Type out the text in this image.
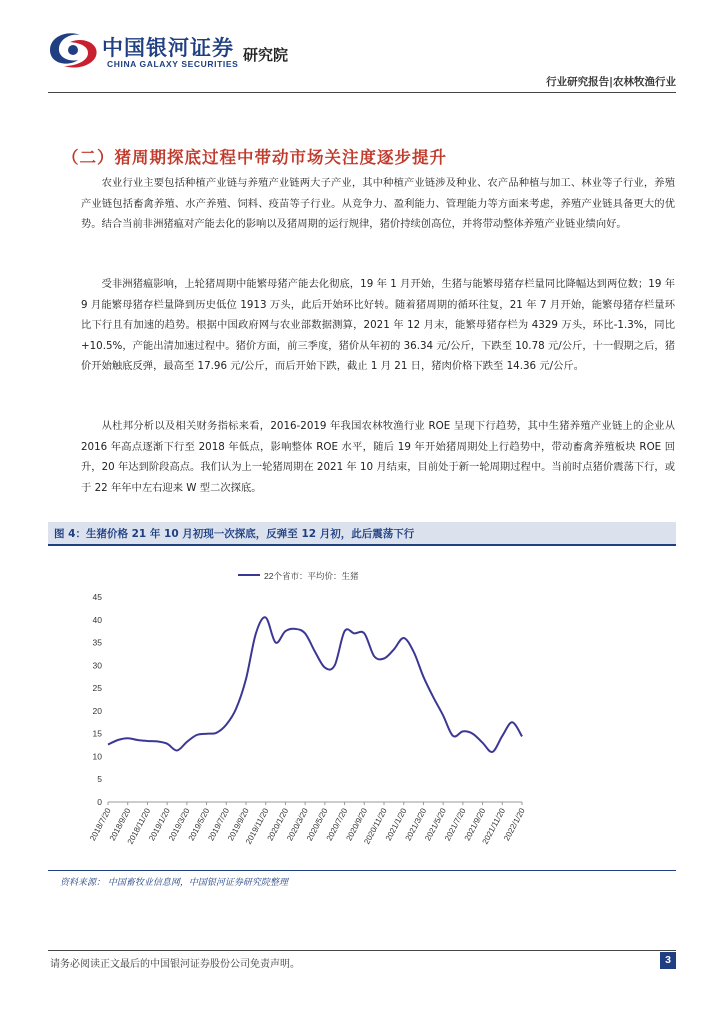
中国银河证券
CHINA GALAXY SECURITIES 研究院
行业研究报告|农林牧渔行业
（二）猪周期探底过程中带动市场关注度逐步提升
农业行业主要包括种植产业链与养殖产业链两大子产业，其中种植产业链涉及种业、农产品种植与加工、林业等子行业，养殖产业链包括畜禽养殖、水产养殖、饲料、疫苗等子行业。从竞争力、盈利能力、管理能力等方面来考虑，养殖产业链具备更大的优势。结合当前非洲猪瘟对产能去化的影响以及猪周期的运行规律，猪价持续创高位，并将带动整体养殖产业链业绩向好。
受非洲猪瘟影响，上轮猪周期中能繁母猪产能去化彻底，19 年 1 月开始，生猪与能繁母猪存栏量同比降幅达到两位数；19 年 9 月能繁母猪存栏量降到历史低位 1913 万头，此后开始环比好转。随着猪周期的循环往复，21 年 7 月开始，能繁母猪存栏量环比下行且有加速的趋势。根据中国政府网与农业部数据测算，2021 年 12 月末，能繁母猪存栏为 4329 万头，环比-1.3%，同比+10.5%，产能出清加速过程中。猪价方面，前三季度，猪价从年初的 36.34 元/公斤，下跌至 10.78 元/公斤，十一假期之后，猪价开始触底反弹，最高至 17.96 元/公斤，而后开始下跌，截止 1 月 21 日，猪肉价格下跌至 14.36 元/公斤。
从杜邦分析以及相关财务指标来看，2016-2019 年我国农林牧渔行业 ROE 呈现下行趋势，其中生猪养殖产业链上的企业从 2016 年高点逐渐下行至 2018 年低点，影响整体 ROE 水平，随后 19 年开始猪周期处上行趋势中，带动畜禽养殖板块 ROE 回升，20 年达到阶段高点。我们认为上一轮猪周期在 2021 年 10 月结束，目前处于新一轮周期过程中。当前时点猪价震荡下行，或于 22 年年中左右迎来 W 型二次探底。
图 4：生猪价格 21 年 10 月初现一次探底，反弹至 12 月初，此后震荡下行
22个省市：平均价：生猪
0
5
10
15
20
25
30
35
40
45
2018/7/20
2018/9/20
2018/11/20
2019/1/20
2019/3/20
2019/5/20
2019/7/20
2019/9/20
2019/11/20
2020/1/20
2020/3/20
2020/5/20
2020/7/20
2020/9/20
2020/11/20
2021/1/20
2021/3/20
2021/5/20
2021/7/20
2021/9/20
2021/11/20
2022/1/20
资料来源： 中国畜牧业信息网，中国银河证券研究院整理
请务必阅读正文最后的中国银河证券股份公司免责声明。	3
